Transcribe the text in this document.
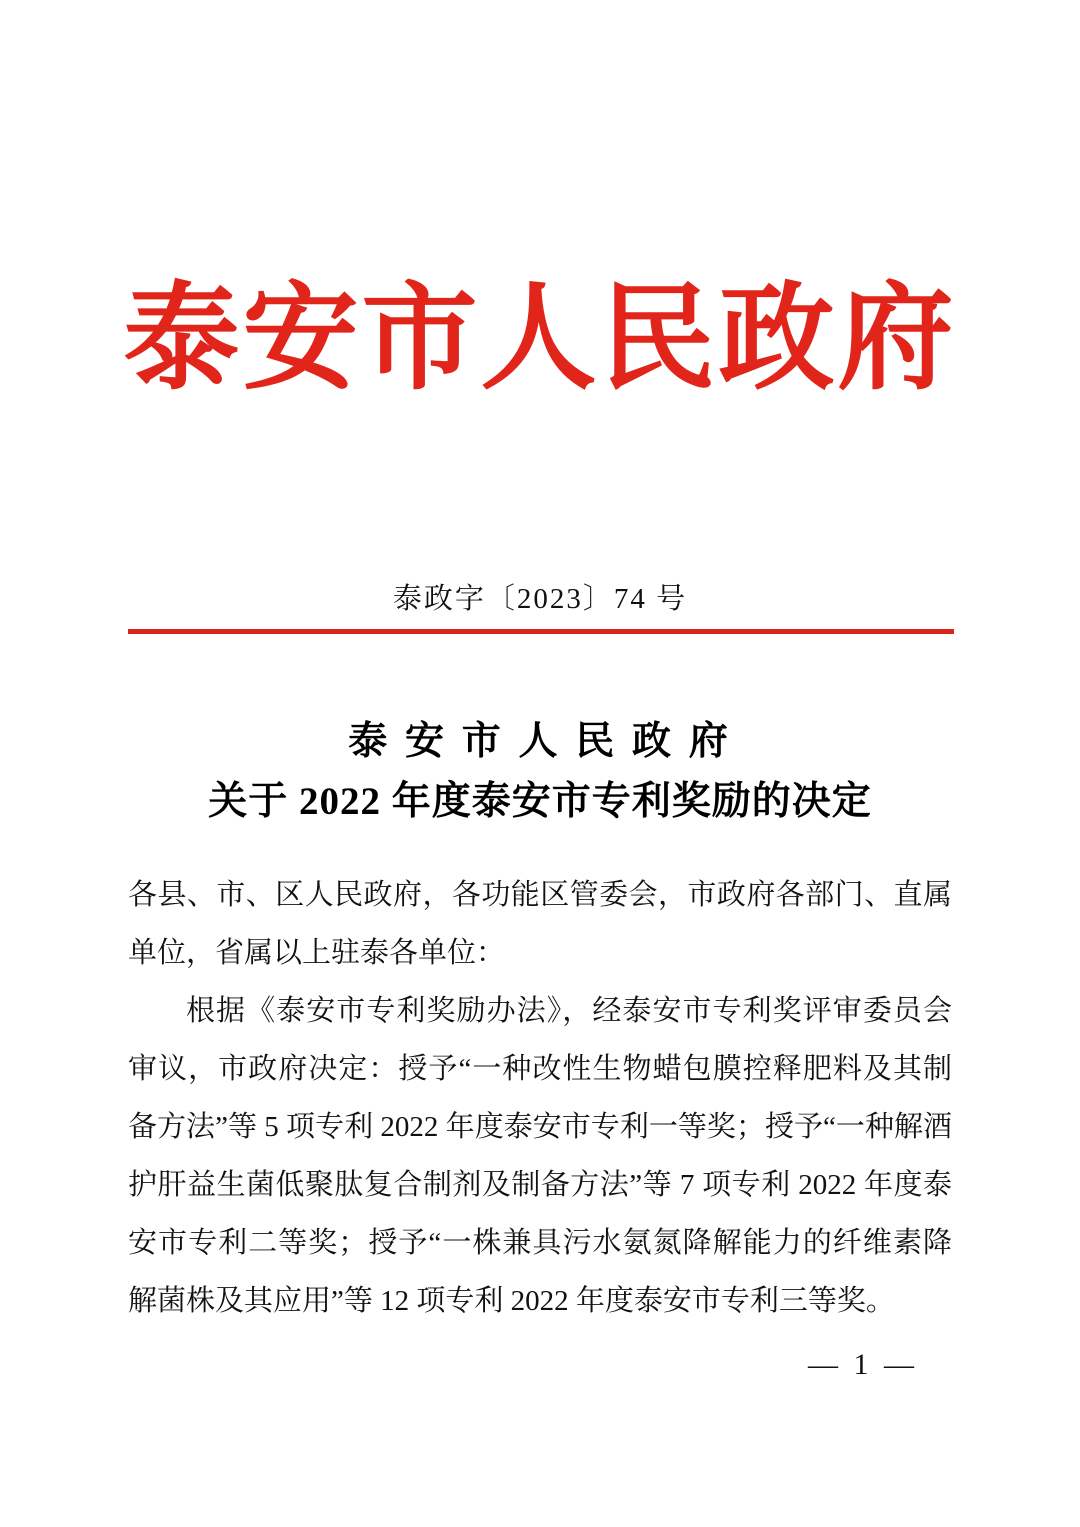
泰安市人民政府
泰政字〔2023〕74 号
泰 安 市 人 民 政 府
关于 2022 年度泰安市专利奖励的决定

各县、市、区人民政府，各功能区管委会，市政府各部门、直属单位，省属以上驻泰各单位：

根据《泰安市专利奖励办法》，经泰安市专利奖评审委员会审议，市政府决定：授予“一种改性生物蜡包膜控释肥料及其制备方法”等 5 项专利 2022 年度泰安市专利一等奖；授予“一种解酒护肝益生菌低聚肽复合制剂及制备方法”等 7 项专利 2022 年度泰安市专利二等奖；授予“一株兼具污水氨氮降解能力的纤维素降解菌株及其应用”等 12 项专利 2022 年度泰安市专利三等奖。

— 1 —
